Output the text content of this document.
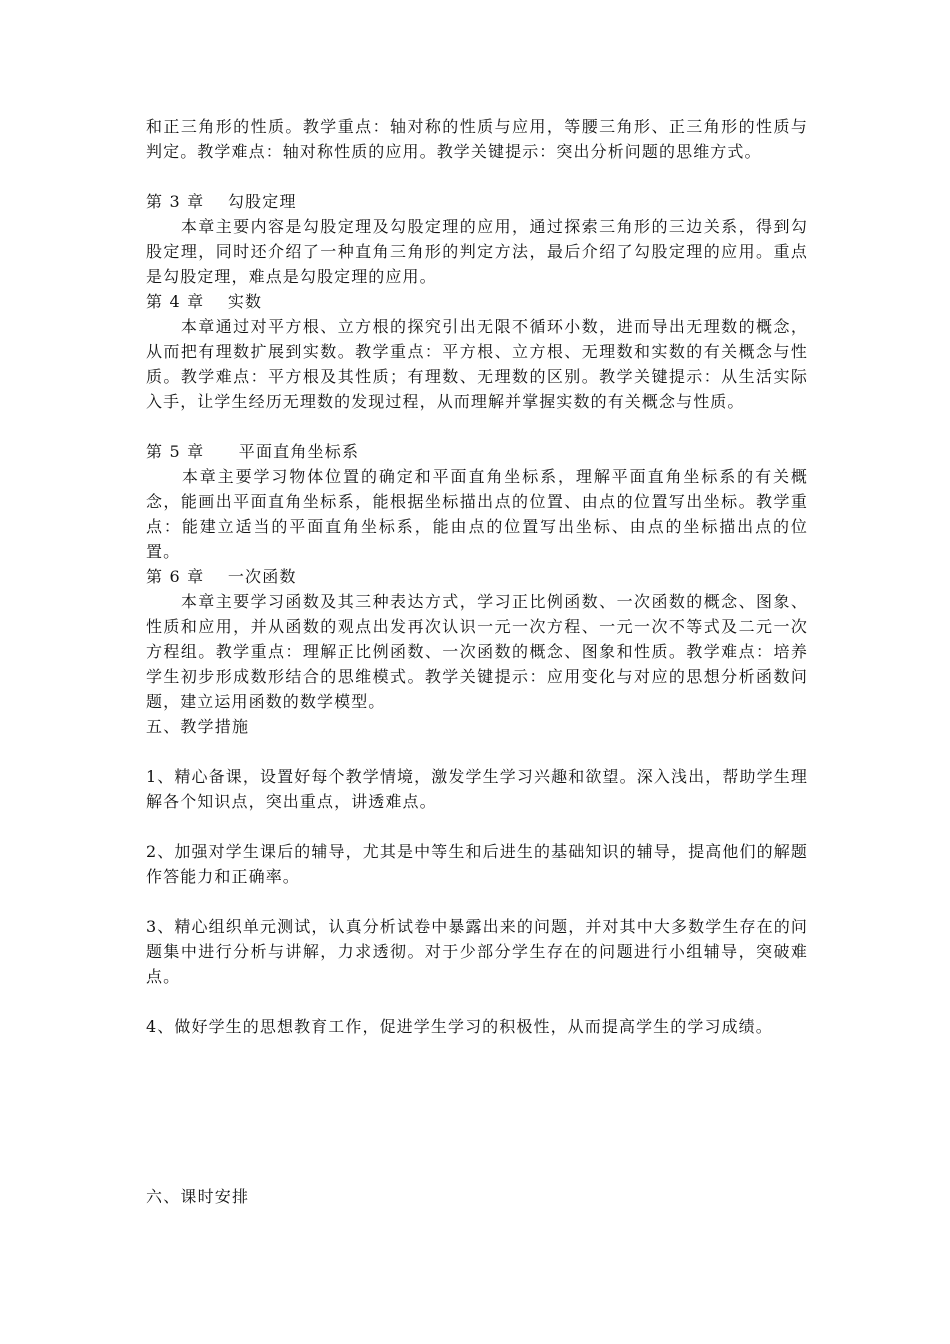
和正三角形的性质。教学重点：轴对称的性质与应用，等腰三角形、正三角形的性质与判定。教学难点：轴对称性质的应用。教学关键提示：突出分析问题的思维方式。
第 3 章　 勾股定理
　　本章主要内容是勾股定理及勾股定理的应用，通过探索三角形的三边关系，得到勾股定理，同时还介绍了一种直角三角形的判定方法，最后介绍了勾股定理的应用。重点是勾股定理，难点是勾股定理的应用。
第 4 章　 实数
　　本章通过对平方根、立方根的探究引出无限不循环小数，进而导出无理数的概念，从而把有理数扩展到实数。教学重点：平方根、立方根、无理数和实数的有关概念与性质。教学难点：平方根及其性质；有理数、无理数的区别。教学关键提示：从生活实际入手，让学生经历无理数的发现过程，从而理解并掌握实数的有关概念与性质。
第 5 章　　平面直角坐标系
　　本章主要学习物体位置的确定和平面直角坐标系，理解平面直角坐标系的有关概念，能画出平面直角坐标系，能根据坐标描出点的位置、由点的位置写出坐标。教学重点：能建立适当的平面直角坐标系，能由点的位置写出坐标、由点的坐标描出点的位置。
第 6 章　 一次函数
　　本章主要学习函数及其三种表达方式，学习正比例函数、一次函数的概念、图象、性质和应用，并从函数的观点出发再次认识一元一次方程、一元一次不等式及二元一次方程组。教学重点：理解正比例函数、一次函数的概念、图象和性质。教学难点：培养学生初步形成数形结合的思维模式。教学关键提示：应用变化与对应的思想分析函数问题，建立运用函数的数学模型。
五、教学措施
1、精心备课，设置好每个教学情境，激发学生学习兴趣和欲望。深入浅出，帮助学生理解各个知识点，突出重点，讲透难点。
2、加强对学生课后的辅导，尤其是中等生和后进生的基础知识的辅导，提高他们的解题作答能力和正确率。
3、精心组织单元测试，认真分析试卷中暴露出来的问题，并对其中大多数学生存在的问题集中进行分析与讲解，力求透彻。对于少部分学生存在的问题进行小组辅导，突破难点。
4、做好学生的思想教育工作，促进学生学习的积极性，从而提高学生的学习成绩。
六、课时安排
